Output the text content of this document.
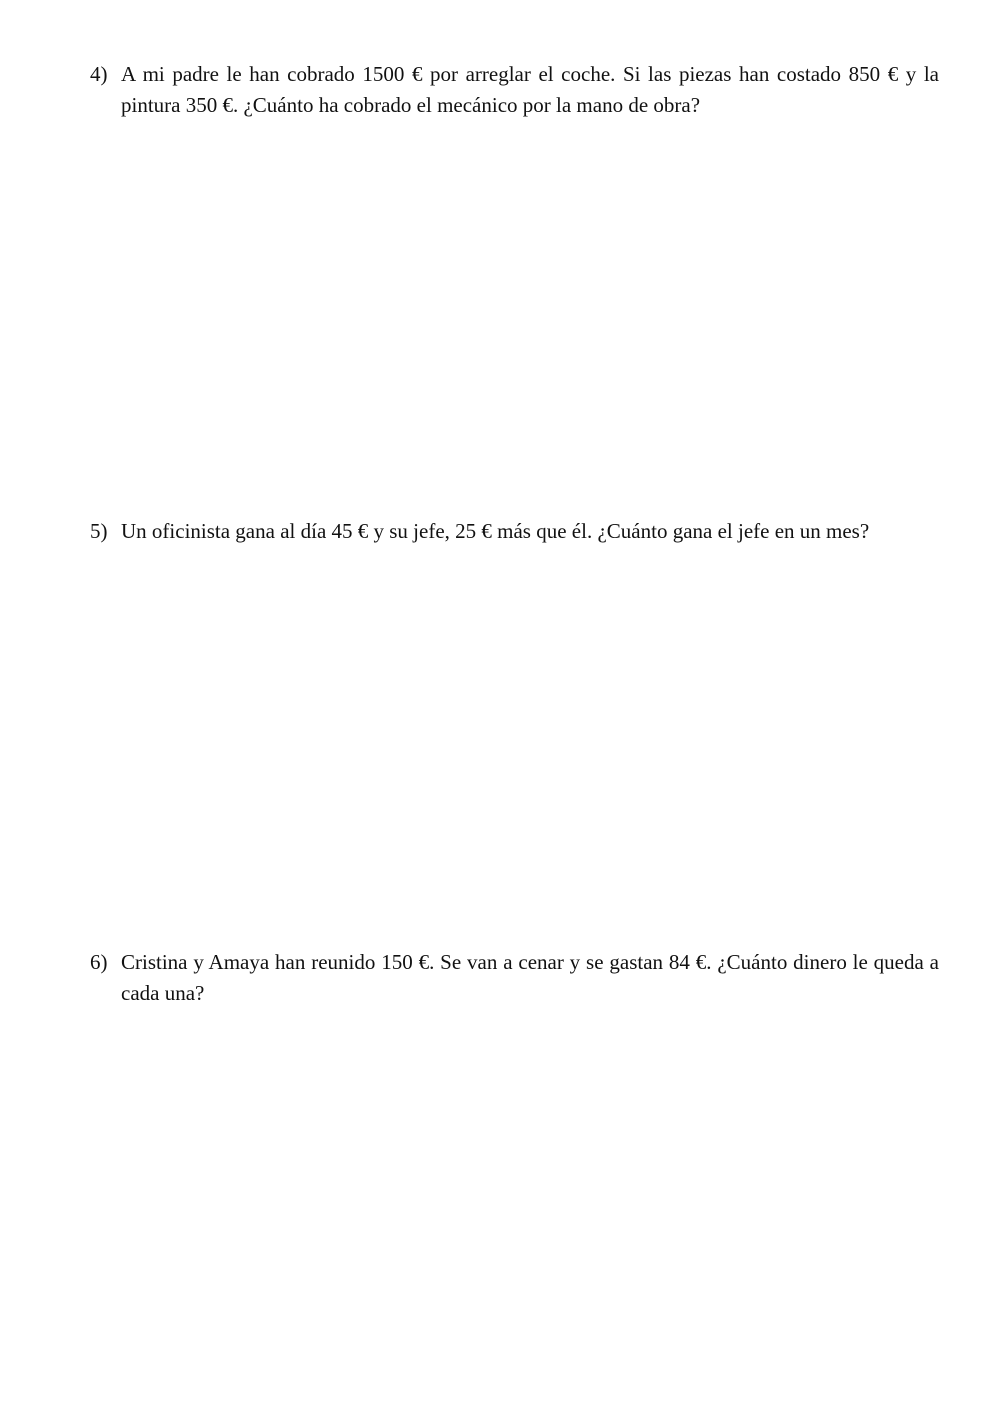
4) A mi padre le han cobrado 1500 € por arreglar el coche. Si las piezas han costado 850 € y la pintura 350 €. ¿Cuánto ha cobrado el mecánico por la mano de obra?
5) Un oficinista gana al día 45 € y su jefe, 25 € más que él. ¿Cuánto gana el jefe en un mes?
6) Cristina y Amaya han reunido 150 €. Se van a cenar y se gastan 84 €. ¿Cuánto dinero le queda a cada una?
